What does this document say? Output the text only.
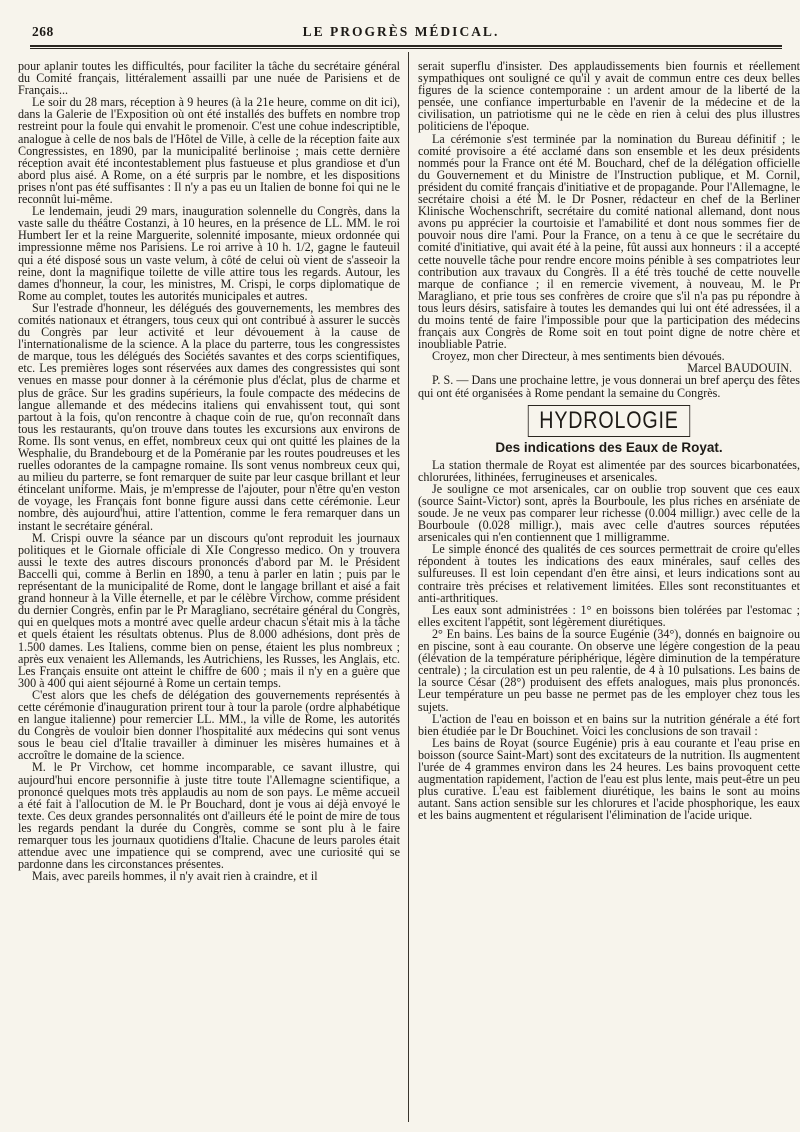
268	LE PROGRÈS MÉDICAL.

pour aplanir toutes les difficultés, pour faciliter la tâche du secrétaire général du Comité français, littéralement assailli par une nuée de Parisiens et de Français...

Le soir du 28 mars, réception à 9 heures (à la 21e heure, comme on dit ici), dans la Galerie de l'Exposition où ont été installés des buffets en nombre trop restreint pour la foule qui envahit le promenoir. C'est une cohue indescriptible, analogue à celle de nos bals de l'Hôtel de Ville, à celle de la réception faite aux Congressistes, en 1890, par la municipalité berlinoise ; mais cette dernière réception avait été incontestablement plus fastueuse et plus grandiose et d'un abord plus aisé. A Rome, on a été surpris par le nombre, et les dispositions prises n'ont pas été suffisantes : Il n'y a pas eu un Italien de bonne foi qui ne le reconnût lui-même.

Le lendemain, jeudi 29 mars, inauguration solennelle du Congrès, dans la vaste salle du théâtre Costanzi, à 10 heures, en la présence de LL. MM. le roi Humbert Ier et la reine Marguerite, solennité imposante, mieux ordonnée qui impressionne même nos Parisiens. Le roi arrive à 10 h. 1/2, gagne le fauteuil qui a été disposé sous un vaste velum, à côté de celui où vient de s'asseoir la reine, dont la magnifique toilette de ville attire tous les regards. Autour, les dames d'honneur, la cour, les ministres, M. Crispi, le corps diplomatique de Rome au complet, toutes les autorités municipales et autres.

Sur l'estrade d'honneur, les délégués des gouvernements, les membres des comités nationaux et étrangers, tous ceux qui ont contribué à assurer le succès du Congrès par leur activité et leur dévouement à la cause de l'internationalisme de la science. A la place du parterre, tous les congressistes de marque, tous les délégués des Sociétés savantes et des corps scientifiques, etc. Les premières loges sont réservées aux dames des congressistes qui sont venues en masse pour donner à la cérémonie plus d'éclat, plus de charme et plus de grâce. Sur les gradins supérieurs, la foule compacte des médecins de langue allemande et des médecins italiens qui envahissent tout, qui sont partout à la fois, qu'on rencontre à chaque coin de rue, qu'on reconnaît dans tous les restaurants, qu'on trouve dans toutes les excursions aux environs de Rome. Ils sont venus, en effet, nombreux ceux qui ont quitté les plaines de la Wesphalie, du Brandebourg et de la Poméranie par les routes poudreuses et les ruelles odorantes de la campagne romaine. Ils sont venus nombreux ceux qui, au milieu du parterre, se font remarquer de suite par leur casque brillant et leur étincelant uniforme. Mais, je m'empresse de l'ajouter, pour n'être qu'en veston de voyage, les Français font bonne figure aussi dans cette cérémonie. Leur nombre, dès aujourd'hui, attire l'attention, comme le fera remarquer dans un instant le secrétaire général.

M. Crispi ouvre la séance par un discours qu'ont reproduit les journaux politiques et le Giornale officiale di XIe Congresso medico. On y trouvera aussi le texte des autres discours prononcés d'abord par M. le Président Baccelli qui, comme à Berlin en 1890, a tenu à parler en latin ; puis par le représentant de la municipalité de Rome, dont le langage brillant et aisé a fait grand honneur à la Ville éternelle, et par le célèbre Virchow, comme président du dernier Congrès, enfin par le Pr Maragliano, secrétaire général du Congrès, qui en quelques mots a montré avec quelle ardeur chacun s'était mis à la tâche et quels étaient les résultats obtenus. Plus de 8.000 adhésions, dont près de 1.500 dames. Les Italiens, comme bien on pense, étaient les plus nombreux ; après eux venaient les Allemands, les Autrichiens, les Russes, les Anglais, etc. Les Français ensuite ont atteint le chiffre de 600 ; mais il n'y en a guère que 300 à 400 qui aient séjourné à Rome un certain temps.

C'est alors que les chefs de délégation des gouvernements représentés à cette cérémonie d'inauguration prirent tour à tour la parole (ordre alphabétique en langue italienne) pour remercier LL. MM., la ville de Rome, les autorités du Congrès de vouloir bien donner l'hospitalité aux médecins qui sont venus sous le beau ciel d'Italie travailler à diminuer les misères humaines et à accroître le domaine de la science.

M. le Pr Virchow, cet homme incomparable, ce savant illustre, qui aujourd'hui encore personnifie à juste titre toute l'Allemagne scientifique, a prononcé quelques mots très applaudis au nom de son pays. Le même accueil a été fait à l'allocution de M. le Pr Bouchard, dont je vous ai déjà envoyé le texte. Ces deux grandes personnalités ont d'ailleurs été le point de mire de tous les regards pendant la durée du Congrès, comme se sont plu à le faire remarquer tous les journaux quotidiens d'Italie. Chacune de leurs paroles était attendue avec une impatience qui se comprend, avec une curiosité qui se pardonne dans les circonstances présentes.

Mais, avec pareils hommes, il n'y avait rien à craindre, et il

serait superflu d'insister. Des applaudissements bien fournis et réellement sympathiques ont souligné ce qu'il y avait de commun entre ces deux belles figures de la science contemporaine : un ardent amour de la liberté de la pensée, une confiance imperturbable en l'avenir de la médecine et de la civilisation, un patriotisme qui ne le cède en rien à celui des plus illustres politiciens de l'époque.

La cérémonie s'est terminée par la nomination du Bureau définitif ; le comité provisoire a été acclamé dans son ensemble et les deux présidents nommés pour la France ont été M. Bouchard, chef de la délégation officielle du Gouvernement et du Ministre de l'Instruction publique, et M. Cornil, président du comité français d'initiative et de propagande. Pour l'Allemagne, le secrétaire choisi a été M. le Dr Posner, rédacteur en chef de la Berliner Klinische Wochenschrift, secrétaire du comité national allemand, dont nous avons pu apprécier la courtoisie et l'amabilité et dont nous sommes fier de pouvoir nous dire l'ami. Pour la France, on a tenu à ce que le secrétaire du comité d'initiative, qui avait été à la peine, fût aussi aux honneurs : il a accepté cette nouvelle tâche pour rendre encore moins pénible à ses compatriotes leur contribution aux travaux du Congrès. Il a été très touché de cette nouvelle marque de confiance ; il en remercie vivement, à nouveau, M. le Pr Maragliano, et prie tous ses confrères de croire que s'il n'a pas pu répondre à tous leurs désirs, satisfaire à toutes les demandes qui lui ont été adressées, il a du moins tenté de faire l'impossible pour que la participation des médecins français aux Congrès de Rome soit en tout point digne de notre chère et inoubliable Patrie.

Croyez, mon cher Directeur, à mes sentiments bien dévoués.

Marcel BAUDOUIN.

P. S. — Dans une prochaine lettre, je vous donnerai un bref aperçu des fêtes qui ont été organisées à Rome pendant la semaine du Congrès.

HYDROLOGIE

Des indications des Eaux de Royat.

La station thermale de Royat est alimentée par des sources bicarbonatées, chlorurées, lithinées, ferrugineuses et arsenicales.

Je souligne ce mot arsenicales, car on oublie trop souvent que ces eaux (source Saint-Victor) sont, après la Bourboule, les plus riches en arséniate de soude. Je ne veux pas comparer leur richesse (0.004 milligr.) avec celle de la Bourboule (0.028 milligr.), mais avec celle d'autres sources réputées arsenicales qui n'en contiennent que 1 milligramme.

Le simple énoncé des qualités de ces sources permettrait de croire qu'elles répondent à toutes les indications des eaux minérales, sauf celles des sulfureuses. Il est loin cependant d'en être ainsi, et leurs indications sont au contraire très précises et relativement limitées. Elles sont reconstituantes et anti-arthritiques.

Les eaux sont administrées : 1° en boissons bien tolérées par l'estomac ; elles excitent l'appétit, sont légèrement diurétiques.

2° En bains. Les bains de la source Eugénie (34°), donnés en baignoire ou en piscine, sont à eau courante. On observe une légère congestion de la peau (élévation de la température périphérique, légère diminution de la température centrale) ; la circulation est un peu ralentie, de 4 à 10 pulsations. Les bains de la source César (28°) produisent des effets analogues, mais plus prononcés. Leur température un peu basse ne permet pas de les employer chez tous les sujets.

L'action de l'eau en boisson et en bains sur la nutrition générale a été fort bien étudiée par le Dr Bouchinet. Voici les conclusions de son travail :

Les bains de Royat (source Eugénie) pris à eau courante et l'eau prise en boisson (source Saint-Mart) sont des excitateurs de la nutrition. Ils augmentent l'urée de 4 grammes environ dans les 24 heures. Les bains provoquent cette augmentation rapidement, l'action de l'eau est plus lente, mais peut-être un peu plus curative. L'eau est faiblement diurétique, les bains le sont au moins autant. Sans action sensible sur les chlorures et l'acide phosphorique, les eaux et les bains augmentent et régularisent l'élimination de l'acide urique.
